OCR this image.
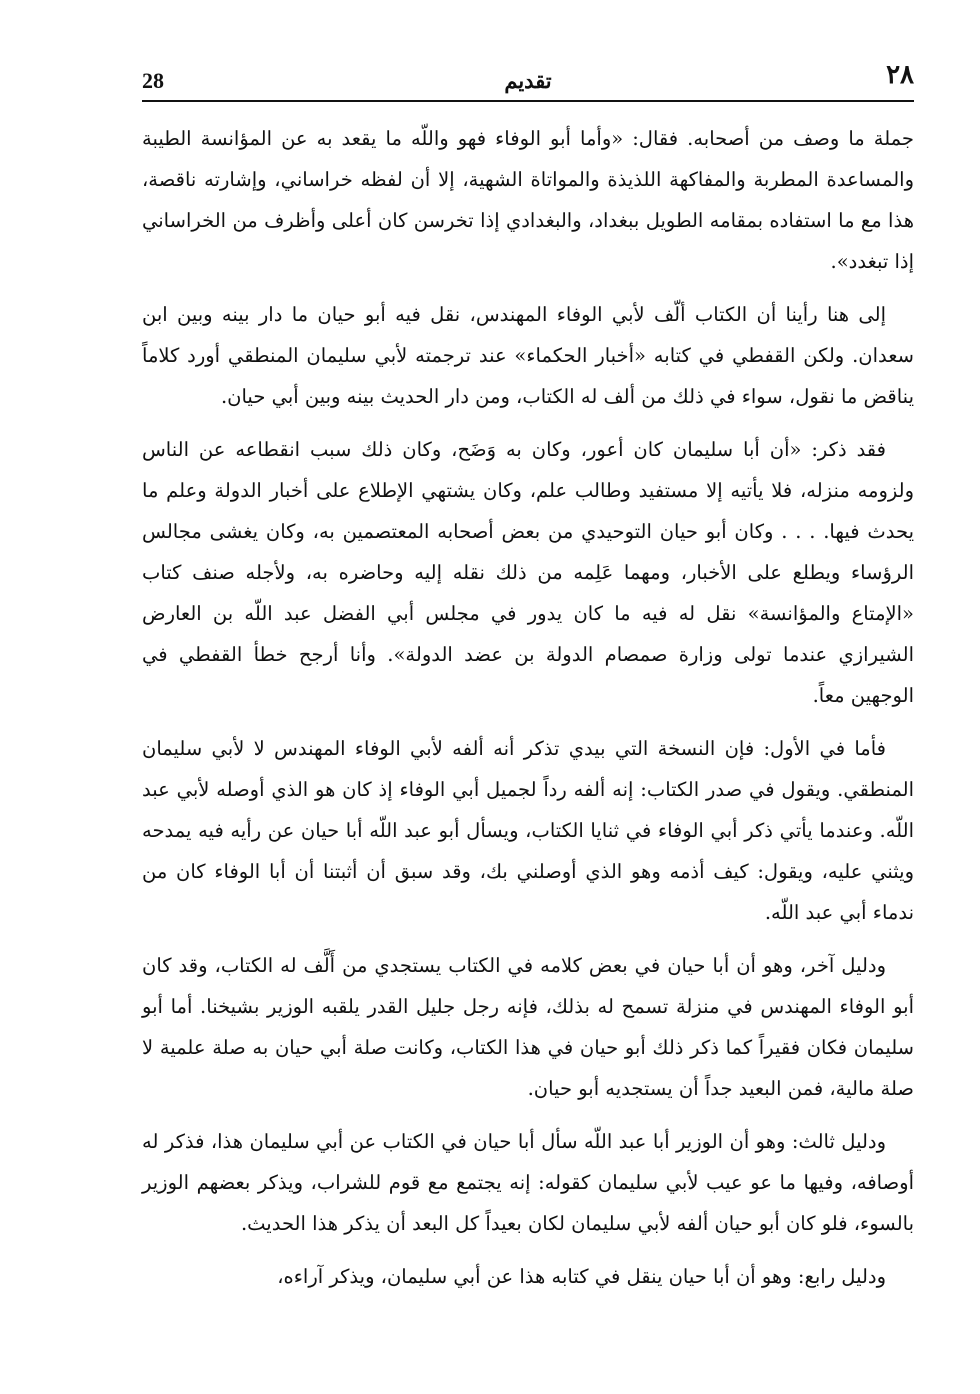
28	تقديم	٢٨

جملة ما وصف من أصحابه. فقال: «وأما أبو الوفاء فهو واللّه ما يقعد به عن المؤانسة الطيبة والمساعدة المطربة والمفاكهة اللذيذة والمواتاة الشهية، إلا أن لفظه خراساني، وإشارته ناقصة، هذا مع ما استفاده بمقامه الطويل ببغداد، والبغدادي إذا تخرسن كان أعلى وأظرف من الخراساني إذا تبغدد».

إلى هنا رأينا أن الكتاب ألّف لأبي الوفاء المهندس، نقل فيه أبو حيان ما دار بينه وبين ابن سعدان. ولكن القفطي في كتابه «أخبار الحكماء» عند ترجمته لأبي سليمان المنطقي أورد كلاماً يناقض ما نقول، سواء في ذلك من ألف له الكتاب، ومن دار الحديث بينه وبين أبي حيان.

فقد ذكر: «أن أبا سليمان كان أعور، وكان به وَضَح، وكان ذلك سبب انقطاعه عن الناس ولزومه منزله، فلا يأتيه إلا مستفيد وطالب علم، وكان يشتهي الإطلاع على أخبار الدولة وعلم ما يحدث فيها. . . . وكان أبو حيان التوحيدي من بعض أصحابه المعتصمين به، وكان يغشى مجالس الرؤساء ويطلع على الأخبار، ومهما عَلِمه من ذلك نقله إليه وحاضره به، ولأجله صنف كتاب «الإمتاع والمؤانسة» نقل له فيه ما كان يدور في مجلس أبي الفضل عبد اللّه بن العارض الشيرازي عندما تولى وزارة صمصام الدولة بن عضد الدولة». وأنا أرجح خطأ القفطي في الوجهين معاً.

فأما في الأول: فإن النسخة التي بيدي تذكر أنه ألفه لأبي الوفاء المهندس لا لأبي سليمان المنطقي. ويقول في صدر الكتاب: إنه ألفه رداً لجميل أبي الوفاء إذ كان هو الذي أوصله لأبي عبد اللّه. وعندما يأتي ذكر أبي الوفاء في ثنايا الكتاب، ويسأل أبو عبد اللّه أبا حيان عن رأيه فيه يمدحه ويثني عليه، ويقول: كيف أذمه وهو الذي أوصلني بك، وقد سبق أن أثبتنا أن أبا الوفاء كان من ندماء أبي عبد اللّه.

ودليل آخر، وهو أن أبا حيان في بعض كلامه في الكتاب يستجدي من أَلَّف له الكتاب، وقد كان أبو الوفاء المهندس في منزلة تسمح له بذلك، فإنه رجل جليل القدر يلقبه الوزير بشيخنا. أما أبو سليمان فكان فقيراً كما ذكر ذلك أبو حيان في هذا الكتاب، وكانت صلة أبي حيان به صلة علمية لا صلة مالية، فمن البعيد جداً أن يستجديه أبو حيان.

ودليل ثالث: وهو أن الوزير أبا عبد اللّه سأل أبا حيان في الكتاب عن أبي سليمان هذا، فذكر له أوصافه، وفيها ما عو عيب لأبي سليمان كقوله: إنه يجتمع مع قوم للشراب، ويذكر بعضهم الوزير بالسوء، فلو كان أبو حيان ألفه لأبي سليمان لكان بعيداً كل البعد أن يذكر هذا الحديث.

ودليل رابع: وهو أن أبا حيان ينقل في كتابه هذا عن أبي سليمان، ويذكر آراءه،
